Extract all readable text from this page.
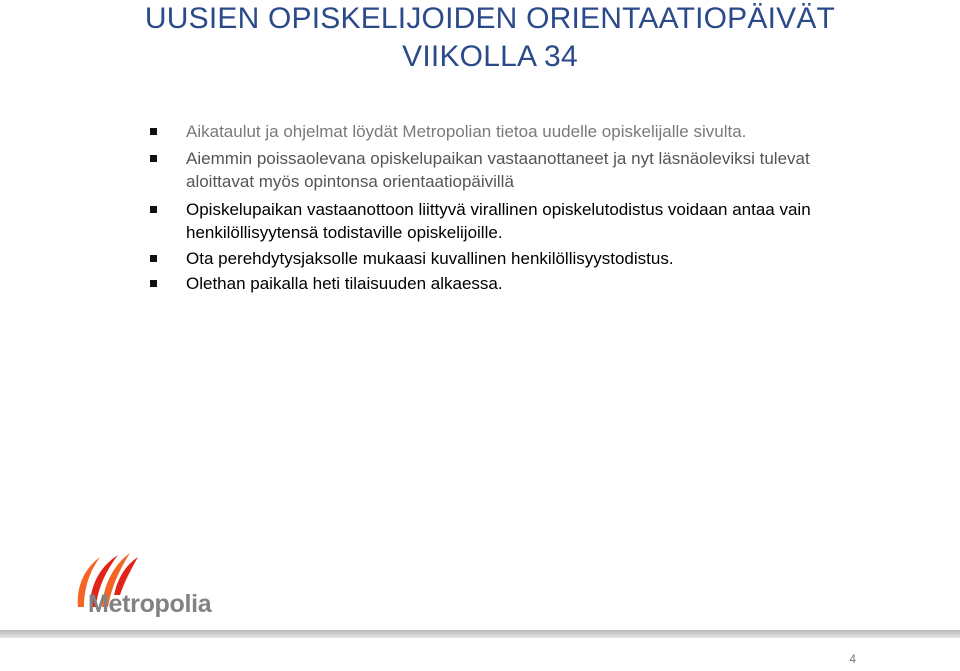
UUSIEN OPISKELIJOIDEN ORIENTAATIOPÄIVÄT
VIIKOLLA 34
Aikataulut ja ohjelmat löydät Metropolian tietoa uudelle opiskelijalle sivulta.
Aiemmin poissaolevana opiskelupaikan vastaanottaneet ja nyt läsnäoleviksi tulevat aloittavat myös opintonsa orientaatiopäivillä
Opiskelupaikan vastaanottoon liittyvä virallinen opiskelutodistus voidaan antaa vain henkilöllisyytensä todistaville opiskelijoille.
Ota perehdytysjaksolle mukaasi kuvallinen henkilöllisyystodistus.
Olethan paikalla heti tilaisuuden alkaessa.

Metropolia

4
